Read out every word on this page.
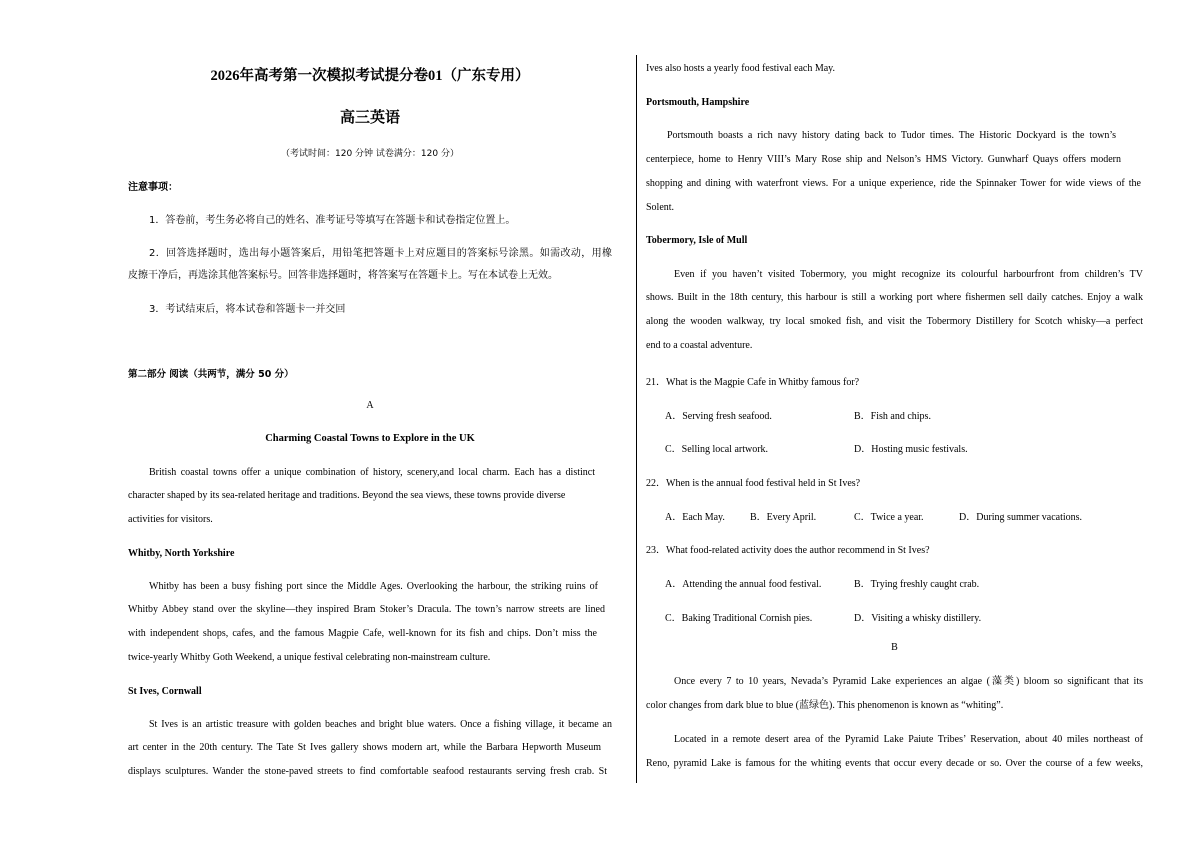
2026年高考第一次模拟考试提分卷01（广东专用）
高三英语
（考试时间：120 分钟 试卷满分：120 分）
注意事项：
1．答卷前，考生务必将自己的姓名、准考证号等填写在答题卡和试卷指定位置上。
2．回答选择题时，选出每小题答案后，用铅笔把答题卡上对应题目的答案标号涂黑。如需改动，用橡
皮擦干净后，再选涂其他答案标号。回答非选择题时，将答案写在答题卡上。写在本试卷上无效。
3．考试结束后，将本试卷和答题卡一并交回
第二部分 阅读（共两节，满分 50 分）
A
Charming Coastal Towns to Explore in the UK
British coastal towns offer a unique combination of history, scenery,and local charm. Each has a distinct
character shaped by its sea-related heritage and traditions. Beyond the sea views, these towns provide diverse
activities for visitors.
Whitby, North Yorkshire
Whitby has been a busy fishing port since the Middle Ages. Overlooking the harbour, the striking ruins of
Whitby Abbey stand over the skyline—they inspired Bram Stoker’s Dracula. The town’s narrow streets are lined
with independent shops, cafes, and the famous Magpie Cafe, well-known for its fish and chips. Don’t miss the
twice-yearly Whitby Goth Weekend, a unique festival celebrating non-mainstream culture.
St Ives, Cornwall
St Ives is an artistic treasure with golden beaches and bright blue waters. Once a fishing village, it became an
art center in the 20th century. The Tate St Ives gallery shows modern art, while the Barbara Hepworth Museum
displays sculptures. Wander the stone-paved streets to find comfortable seafood restaurants serving fresh crab. St
Ives also hosts a yearly food festival each May.
Portsmouth, Hampshire
Portsmouth boasts a rich navy history dating back to Tudor times. The Historic Dockyard is the town’s
centerpiece, home to Henry VIII’s Mary Rose ship and Nelson’s HMS Victory. Gunwharf Quays offers modern
shopping and dining with waterfront views. For a unique experience, ride the Spinnaker Tower for wide views of the
Solent.
Tobermory, Isle of Mull
Even if you haven’t visited Tobermory, you might recognize its colourful harbourfront from children’s TV
shows. Built in the 18th century, this harbour is still a working port where fishermen sell daily catches. Enjoy a walk
along the wooden walkway, try local smoked fish, and visit the Tobermory Distillery for Scotch whisky—a perfect
end to a coastal adventure.
21．What is the Magpie Cafe in Whitby famous for?
A．Serving fresh seafood.	B．Fish and chips.
C．Selling local artwork.	D．Hosting music festivals.
22．When is the annual food festival held in St Ives?
A．Each May.	B．Every April.	C．Twice a year.	D．During summer vacations.
23．What food-related activity does the author recommend in St Ives?
A．Attending the annual food festival.	B．Trying freshly caught crab.
C．Baking Traditional Cornish pies.	D．Visiting a whisky distillery.
B
Once every 7 to 10 years, Nevada’s Pyramid Lake experiences an algae (藻类) bloom so significant that its
color changes from dark blue to blue (蓝绿色). This phenomenon is known as “whiting”.
Located in a remote desert area of the Pyramid Lake Paiute Tribes’ Reservation, about 40 miles northeast of
Reno, pyramid Lake is famous for the whiting events that occur every decade or so. Over the course of a few weeks,
